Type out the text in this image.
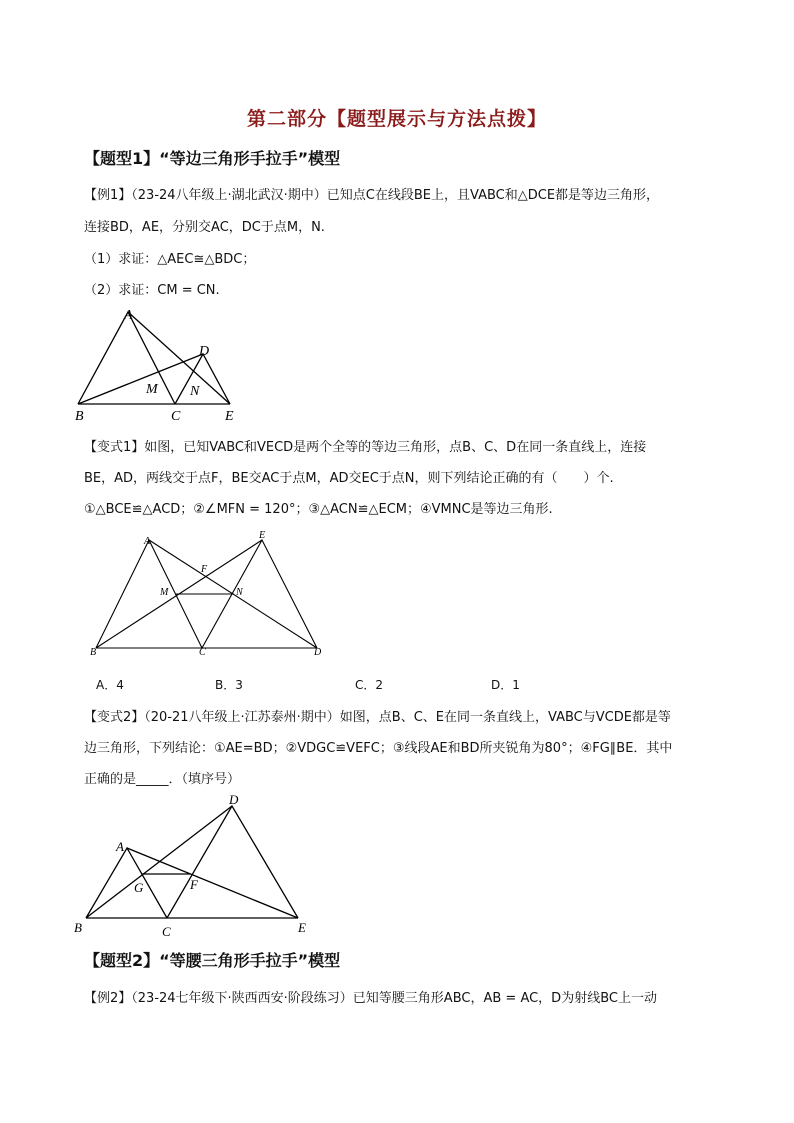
第二部分【题型展示与方法点拨】
【题型1】“等边三角形手拉手”模型
【例1】（23-24八年级上·湖北武汉·期中）已知点C在线段BE上，且VABC和△DCE都是等边三角形，
连接BD，AE，分别交AC，DC于点M，N.
（1）求证：△AEC≅△BDC；
（2）求证：CM = CN.
A
D
M N
B	C	E
【变式1】如图，已知VABC和VECD是两个全等的等边三角形，点B、C、D在同一条直线上，连接
BE，AD，两线交于点F，BE交AC于点M，AD交EC于点N，则下列结论正确的有（　　）个.
①△BCE≌△ACD；②∠MFN = 120°；③△ACN≌△ECM；④VMNC是等边三角形.
A
E
F
M	N
B	C	D
A．4	B．3	C．2	D．1
【变式2】（20-21八年级上·江苏泰州·期中）如图，点B、C、E在同一条直线上，VABC与VCDE都是等
边三角形，下列结论：①AE=BD；②VDGC≌VEFC；③线段AE和BD所夹锐角为80°；④FG∥BE．其中
正确的是_____．（填序号）
D
A
G	F
B	C	E
【题型2】“等腰三角形手拉手”模型
【例2】（23-24七年级下·陕西西安·阶段练习）已知等腰三角形ABC，AB = AC，D为射线BC上一动
